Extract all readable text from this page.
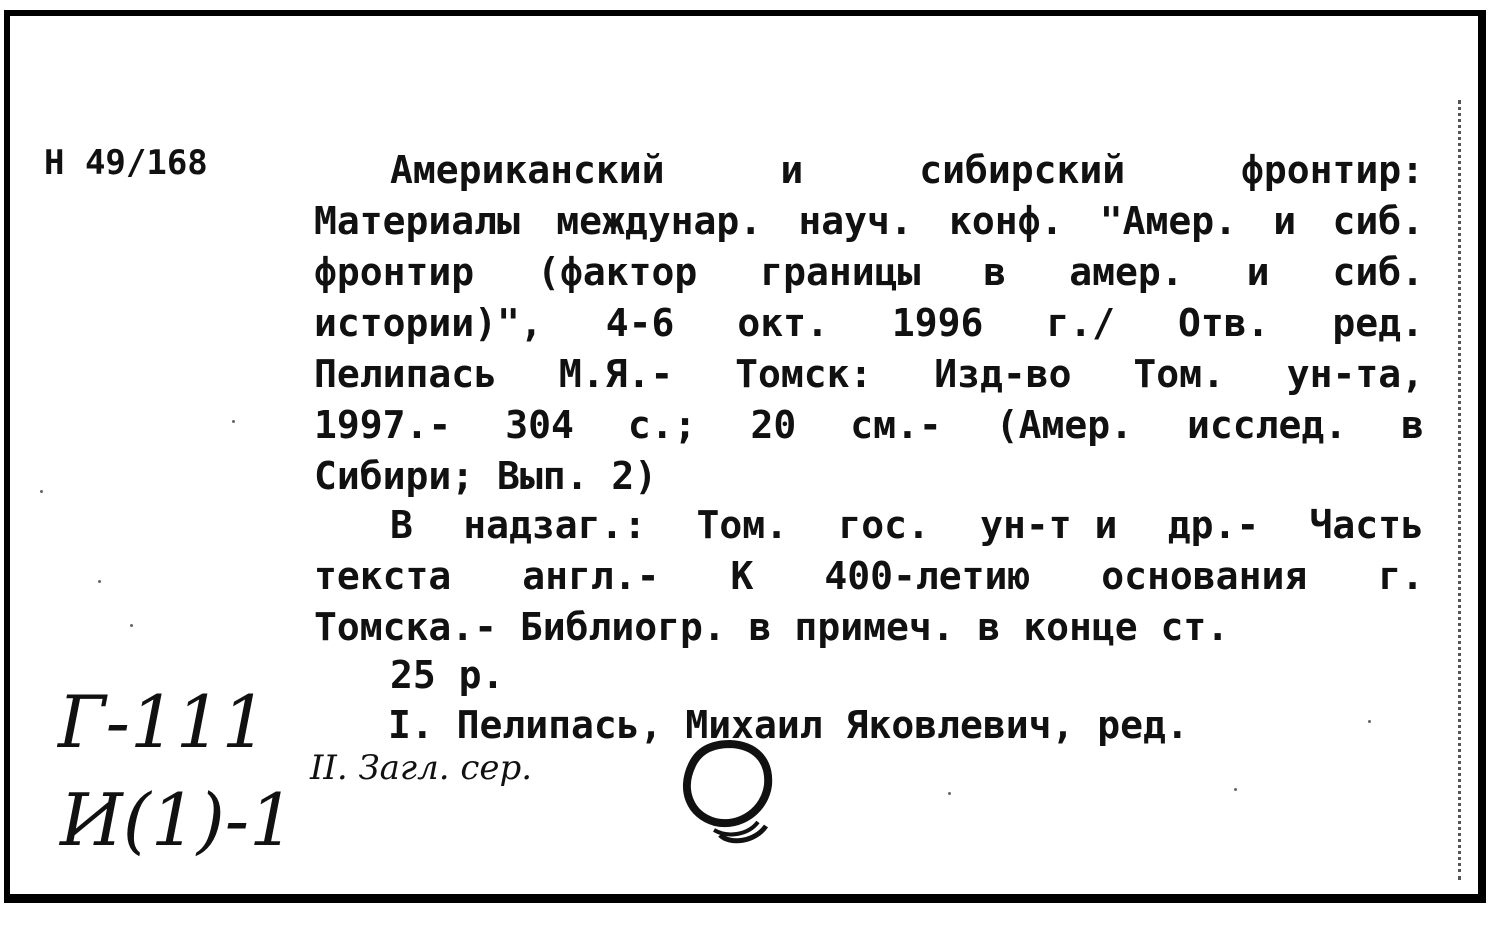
Н 49/168	Американский	и	сибирский	фронтир:
Материалы междунар. науч. конф. "Амер. и сиб.
фронтир (фактор границы в амер. и сиб.
истории)", 4-6 окт. 1996 г./ Отв. ред.
Пелипась М.Я.- Томск: Изд-во Том. ун-та,
1997.- 304 с.; 20 см.- (Амер. исслед. в
Сибири; Вып. 2)
В надзаг.: Том. гос. ун-т и др.- Часть
текста англ.- К 400-летию основания г.
Томска.- Библиогр. в примеч. в конце ст.
25 р.
I. Пелипась, Михаил Яковлевич, ред.
II. Загл. сер.
Г-111
И(1)-1
